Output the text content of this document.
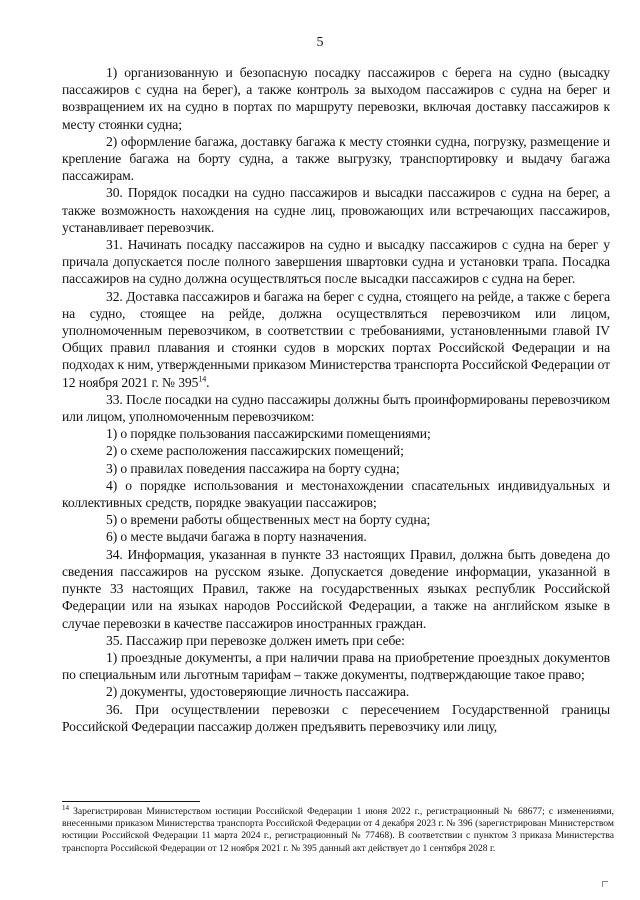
5

1) организованную и безопасную посадку пассажиров с берега на судно (высадку пассажиров с судна на берег), а также контроль за выходом пассажиров с судна на берег и возвращением их на судно в портах по маршруту перевозки, включая доставку пассажиров к месту стоянки судна;

2) оформление багажа, доставку багажа к месту стоянки судна, погрузку, размещение и крепление багажа на борту судна, а также выгрузку, транспортировку и выдачу багажа пассажирам.

30. Порядок посадки на судно пассажиров и высадки пассажиров с судна на берег, а также возможность нахождения на судне лиц, провожающих или встречающих пассажиров, устанавливает перевозчик.

31. Начинать посадку пассажиров на судно и высадку пассажиров с судна на берег у причала допускается после полного завершения швартовки судна и установки трапа. Посадка пассажиров на судно должна осуществляться после высадки пассажиров с судна на берег.

32. Доставка пассажиров и багажа на берег с судна, стоящего на рейде, а также с берега на судно, стоящее на рейде, должна осуществляться перевозчиком или лицом, уполномоченным перевозчиком, в соответствии с требованиями, установленными главой IV Общих правил плавания и стоянки судов в морских портах Российской Федерации и на подходах к ним, утвержденными приказом Министерства транспорта Российской Федерации от 12 ноября 2021 г. № $395^{14}$.

33. После посадки на судно пассажиры должны быть проинформированы перевозчиком или лицом, уполномоченным перевозчиком:

1) о порядке пользования пассажирскими помещениями;

2) о схеме расположения пассажирских помещений;

3) о правилах поведения пассажира на борту судна;

4) о порядке использования и местонахождении спасательных индивидуальных и коллективных средств, порядке эвакуации пассажиров;

5) о времени работы общественных мест на борту судна;

6) о месте выдачи багажа в порту назначения.

34. Информация, указанная в пункте 33 настоящих Правил, должна быть доведена до сведения пассажиров на русском языке. Допускается доведение информации, указанной в пункте 33 настоящих Правил, также на государственных языках республик Российской Федерации или на языках народов Российской Федерации, а также на английском языке в случае перевозки в качестве пассажиров иностранных граждан.

35. Пассажир при перевозке должен иметь при себе:

1) проездные документы, а при наличии права на приобретение проездных документов по специальным или льготным тарифам – также документы, подтверждающие такое право;

2) документы, удостоверяющие личность пассажира.

36. При осуществлении перевозки с пересечением Государственной границы Российской Федерации пассажир должен предъявить перевозчику или лицу,

$^{14}$ Зарегистрирован Министерством юстиции Российской Федерации 1 июня 2022 г., регистрационный № 68677; с изменениями, внесенными приказом Министерства транспорта Российской Федерации от 4 декабря 2023 г. № 396 (зарегистрирован Министерством юстиции Российской Федерации 11 марта 2024 г., регистрационный № 77468). В соответствии с пунктом 3 приказа Министерства транспорта Российской Федерации от 12 ноября 2021 г. № 395 данный акт действует до 1 сентября 2028 г.
